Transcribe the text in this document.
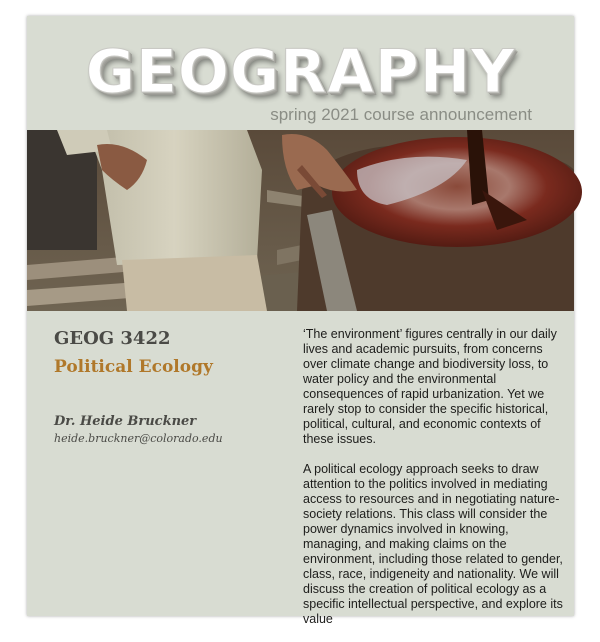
GEOGRAPHY
spring 2021 course announcement
GEOG 3422
Political Ecology
Dr. Heide Bruckner
heide.bruckner@colorado.edu

‘The environment’ figures centrally in our daily lives and academic pursuits, from concerns over climate change and biodiversity loss, to water policy and the environmental consequences of rapid urbanization. Yet we rarely stop to consider the specific historical, political, cultural, and economic contexts of these issues.

A political ecology approach seeks to draw attention to the politics involved in mediating access to resources and in negotiating nature-society relations. This class will consider the power dynamics involved in knowing, managing, and making claims on the environment, including those related to gender, class, race, indigeneity and nationality. We will discuss the creation of political ecology as a specific intellectual perspective, and explore its value
